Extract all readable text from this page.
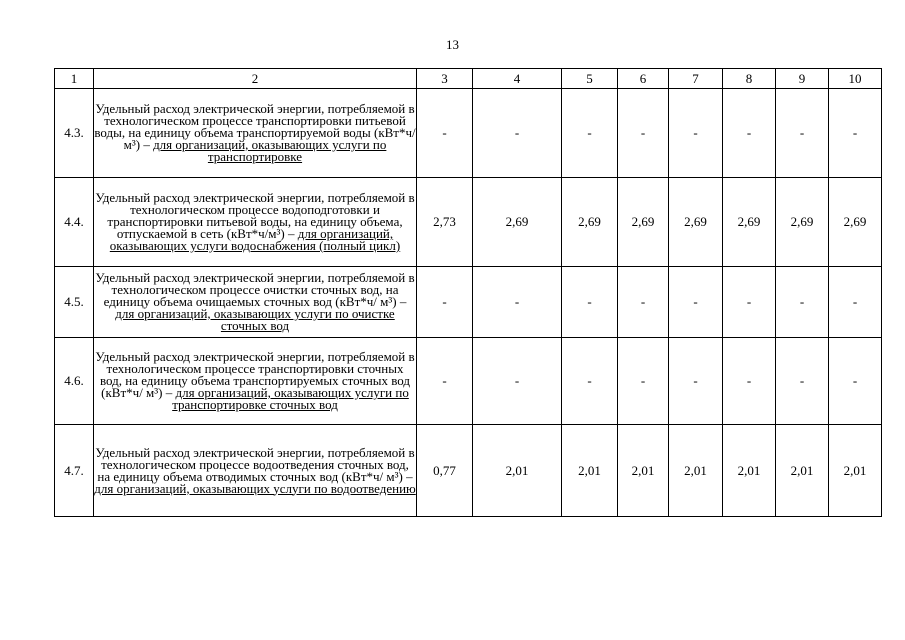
13
1	2	3	4	5	6	7	8	9	10
4.3.	Удельный расход электрической энергии, потребляемой в технологическом процессе транспортировки питьевой воды, на единицу объема транспортируемой воды (кВт*ч/м³) – для организаций, оказывающих услуги по транспортировке	-	-	-	-	-	-	-	-
4.4.	Удельный расход электрической энергии, потребляемой в технологическом процессе водоподготовки и транспортировки питьевой воды, на единицу объема, отпускаемой в сеть (кВт*ч/м³) – для организаций, оказывающих услуги водоснабжения (полный цикл)	2,73	2,69	2,69	2,69	2,69	2,69	2,69	2,69
4.5.	Удельный расход электрической энергии, потребляемой в технологическом процессе очистки сточных вод, на единицу объема очищаемых сточных вод (кВт*ч/ м³) – для организаций, оказывающих услуги по очистке сточных вод	-	-	-	-	-	-	-	-
4.6.	Удельный расход электрической энергии, потребляемой в технологическом процессе транспортировки сточных вод, на единицу объема транспортируемых сточных вод (кВт*ч/ м³) – для организаций, оказывающих услуги по транспортировке сточных вод	-	-	-	-	-	-	-	-
4.7.	Удельный расход электрической энергии, потребляемой в технологическом процессе водоотведения сточных вод, на единицу объема отводимых сточных вод (кВт*ч/ м³) – для организаций, оказывающих услуги по водоотведению	0,77	2,01	2,01	2,01	2,01	2,01	2,01	2,01
